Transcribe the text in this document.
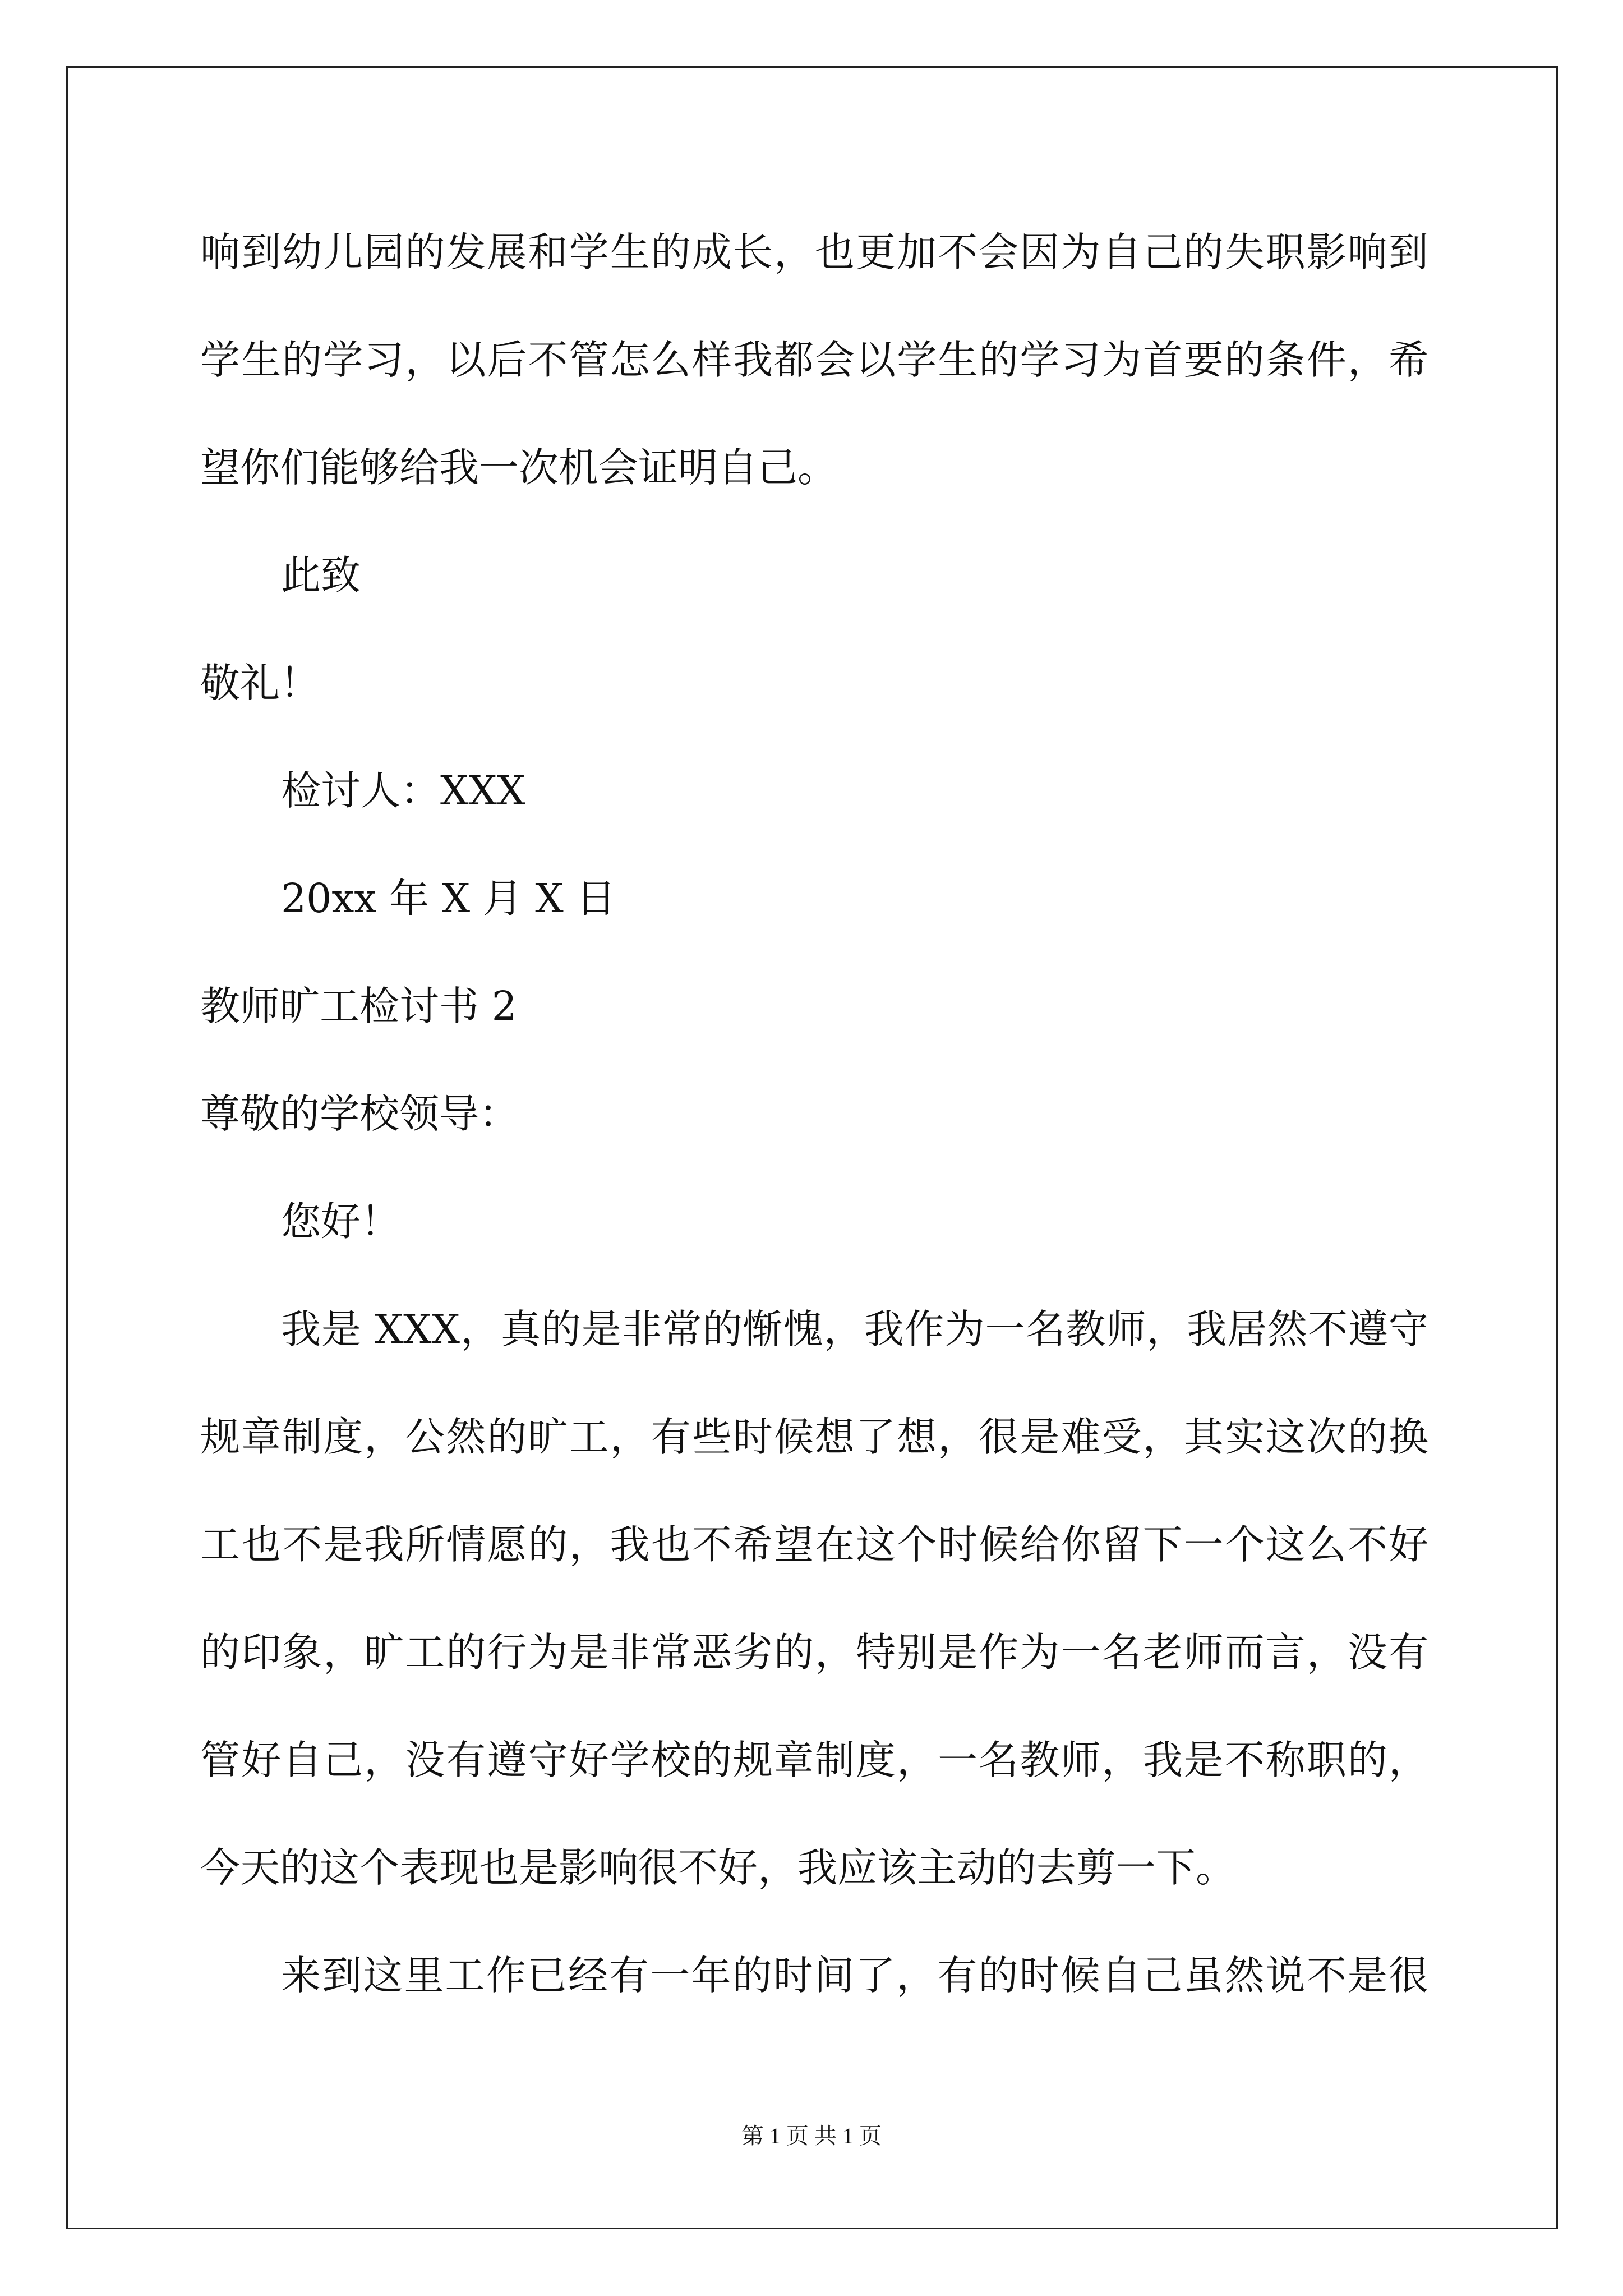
响到幼儿园的发展和学生的成长，也更加不会因为自己的失职影响到

学生的学习，以后不管怎么样我都会以学生的学习为首要的条件，希

望你们能够给我一次机会证明自己。

此致

敬礼！

检讨人：XXX

20xx 年 X 月 X 日

教师旷工检讨书 2

尊敬的学校领导：

您好！

我是 XXX，真的是非常的惭愧，我作为一名教师，我居然不遵守

规章制度，公然的旷工，有些时候想了想，很是难受，其实这次的换

工也不是我所情愿的，我也不希望在这个时候给你留下一个这么不好

的印象，旷工的行为是非常恶劣的，特别是作为一名老师而言，没有

管好自己，没有遵守好学校的规章制度，一名教师，我是不称职的，

今天的这个表现也是影响很不好，我应该主动的去剪一下。

来到这里工作已经有一年的时间了，有的时候自己虽然说不是很

第 1 页 共 1 页
